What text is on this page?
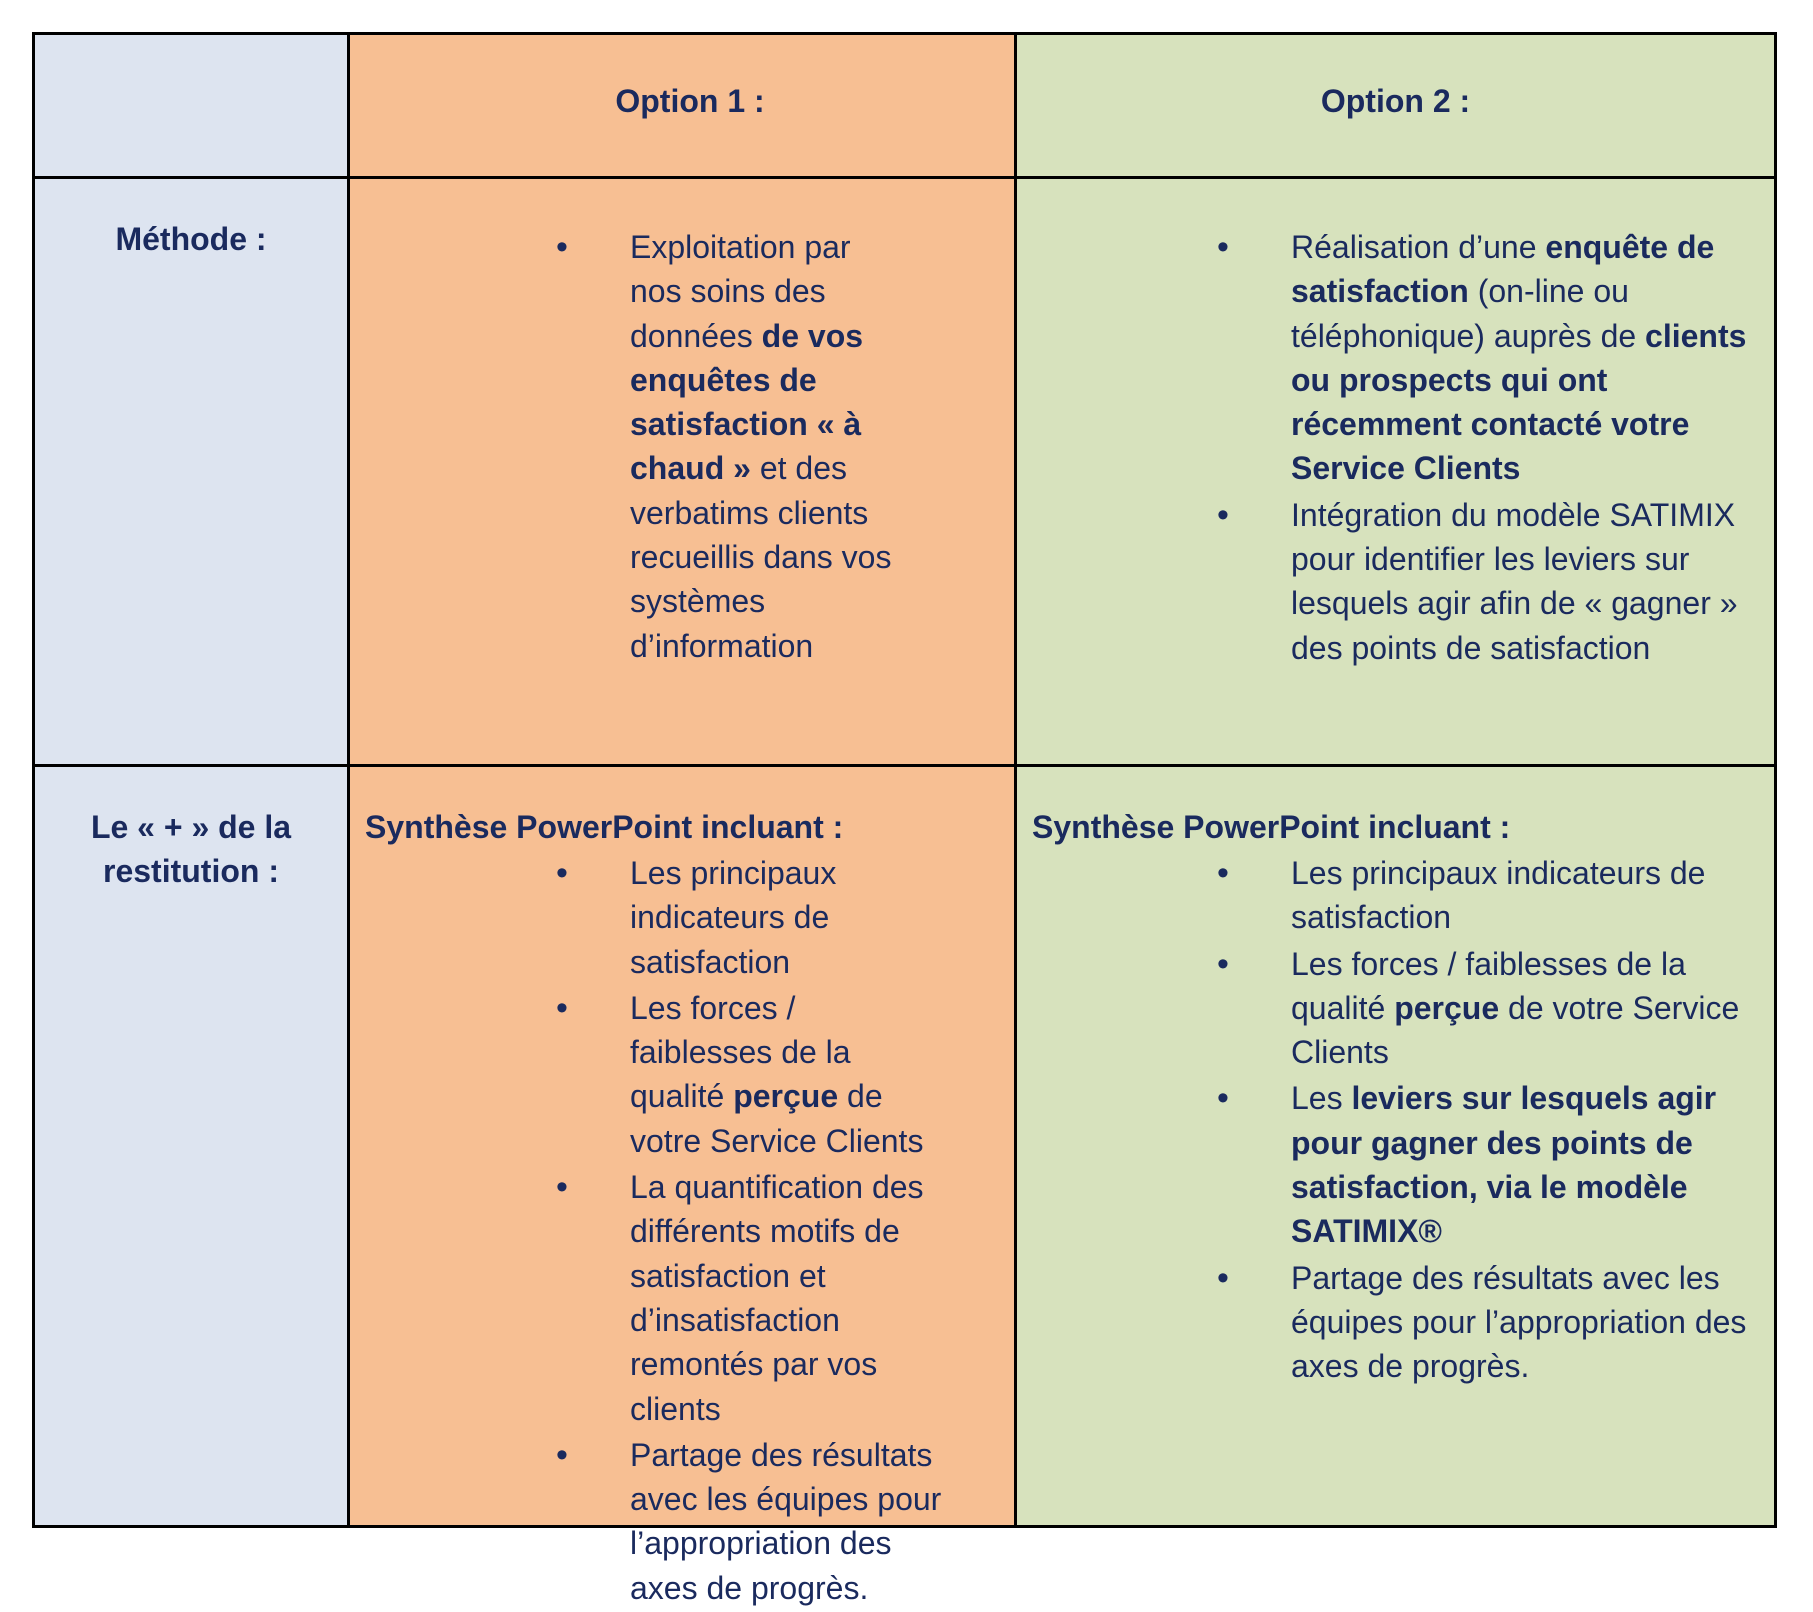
Option 1 :	Option 2 :
Méthode :	• Exploitation par nos soins des données de vos enquêtes de satisfaction « à chaud » et des verbatims clients recueillis dans vos systèmes d’information
• Réalisation d’une enquête de satisfaction (on-line ou téléphonique) auprès de clients ou prospects qui ont récemment contacté votre Service Clients
• Intégration du modèle SATIMIX pour identifier les leviers sur lesquels agir afin de « gagner » des points de satisfaction
Le « + » de la restitution :

Synthèse PowerPoint incluant :

• Les principaux indicateurs de satisfaction
• Les forces / faiblesses de la qualité perçue de votre Service Clients
• La quantification des différents motifs de satisfaction et d’insatisfaction remontés par vos clients
• Partage des résultats avec les équipes pour l’appropriation des axes de progrès.

Synthèse PowerPoint incluant :

• Les principaux indicateurs de satisfaction
• Les forces / faiblesses de la qualité perçue de votre Service Clients
• Les leviers sur lesquels agir pour gagner des points de satisfaction, via le modèle SATIMIX®
• Partage des résultats avec les équipes pour l’appropriation des axes de progrès.
